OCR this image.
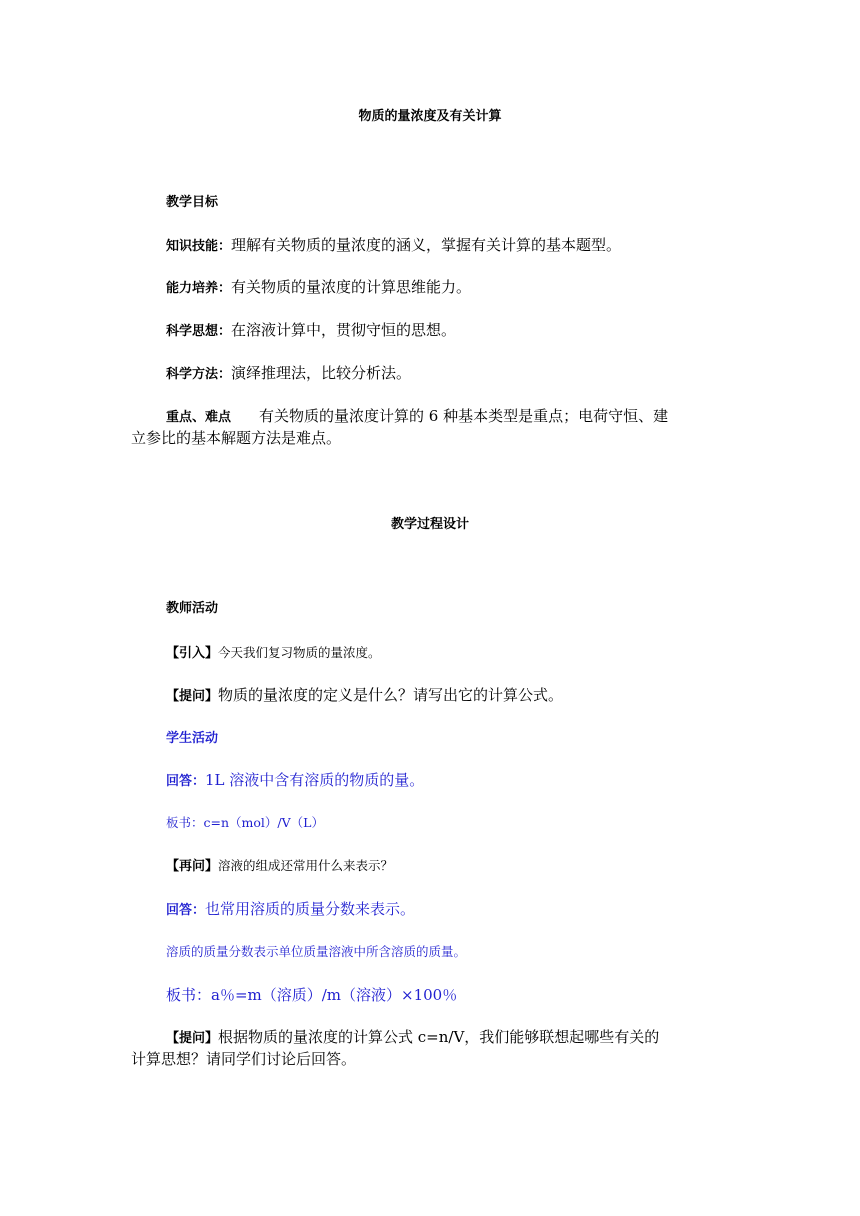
物质的量浓度及有关计算
教学目标
知识技能：理解有关物质的量浓度的涵义，掌握有关计算的基本题型。
能力培养：有关物质的量浓度的计算思维能力。
科学思想：在溶液计算中，贯彻守恒的思想。
科学方法：演绎推理法，比较分析法。
重点、难点 有关物质的量浓度计算的 6 种基本类型是重点；电荷守恒、建
立参比的基本解题方法是难点。
教学过程设计
教师活动
【引入】今天我们复习物质的量浓度。
【提问】物质的量浓度的定义是什么？请写出它的计算公式。
学生活动
回答：1L 溶液中含有溶质的物质的量。
板书：c=n（mol）/V（L）
【再问】溶液的组成还常用什么来表示？
回答：也常用溶质的质量分数来表示。
溶质的质量分数表示单位质量溶液中所含溶质的质量。
板书：a％=m（溶质）/m（溶液）×100％
【提问】根据物质的量浓度的计算公式 c=n/V，我们能够联想起哪些有关的
计算思想？请同学们讨论后回答。
